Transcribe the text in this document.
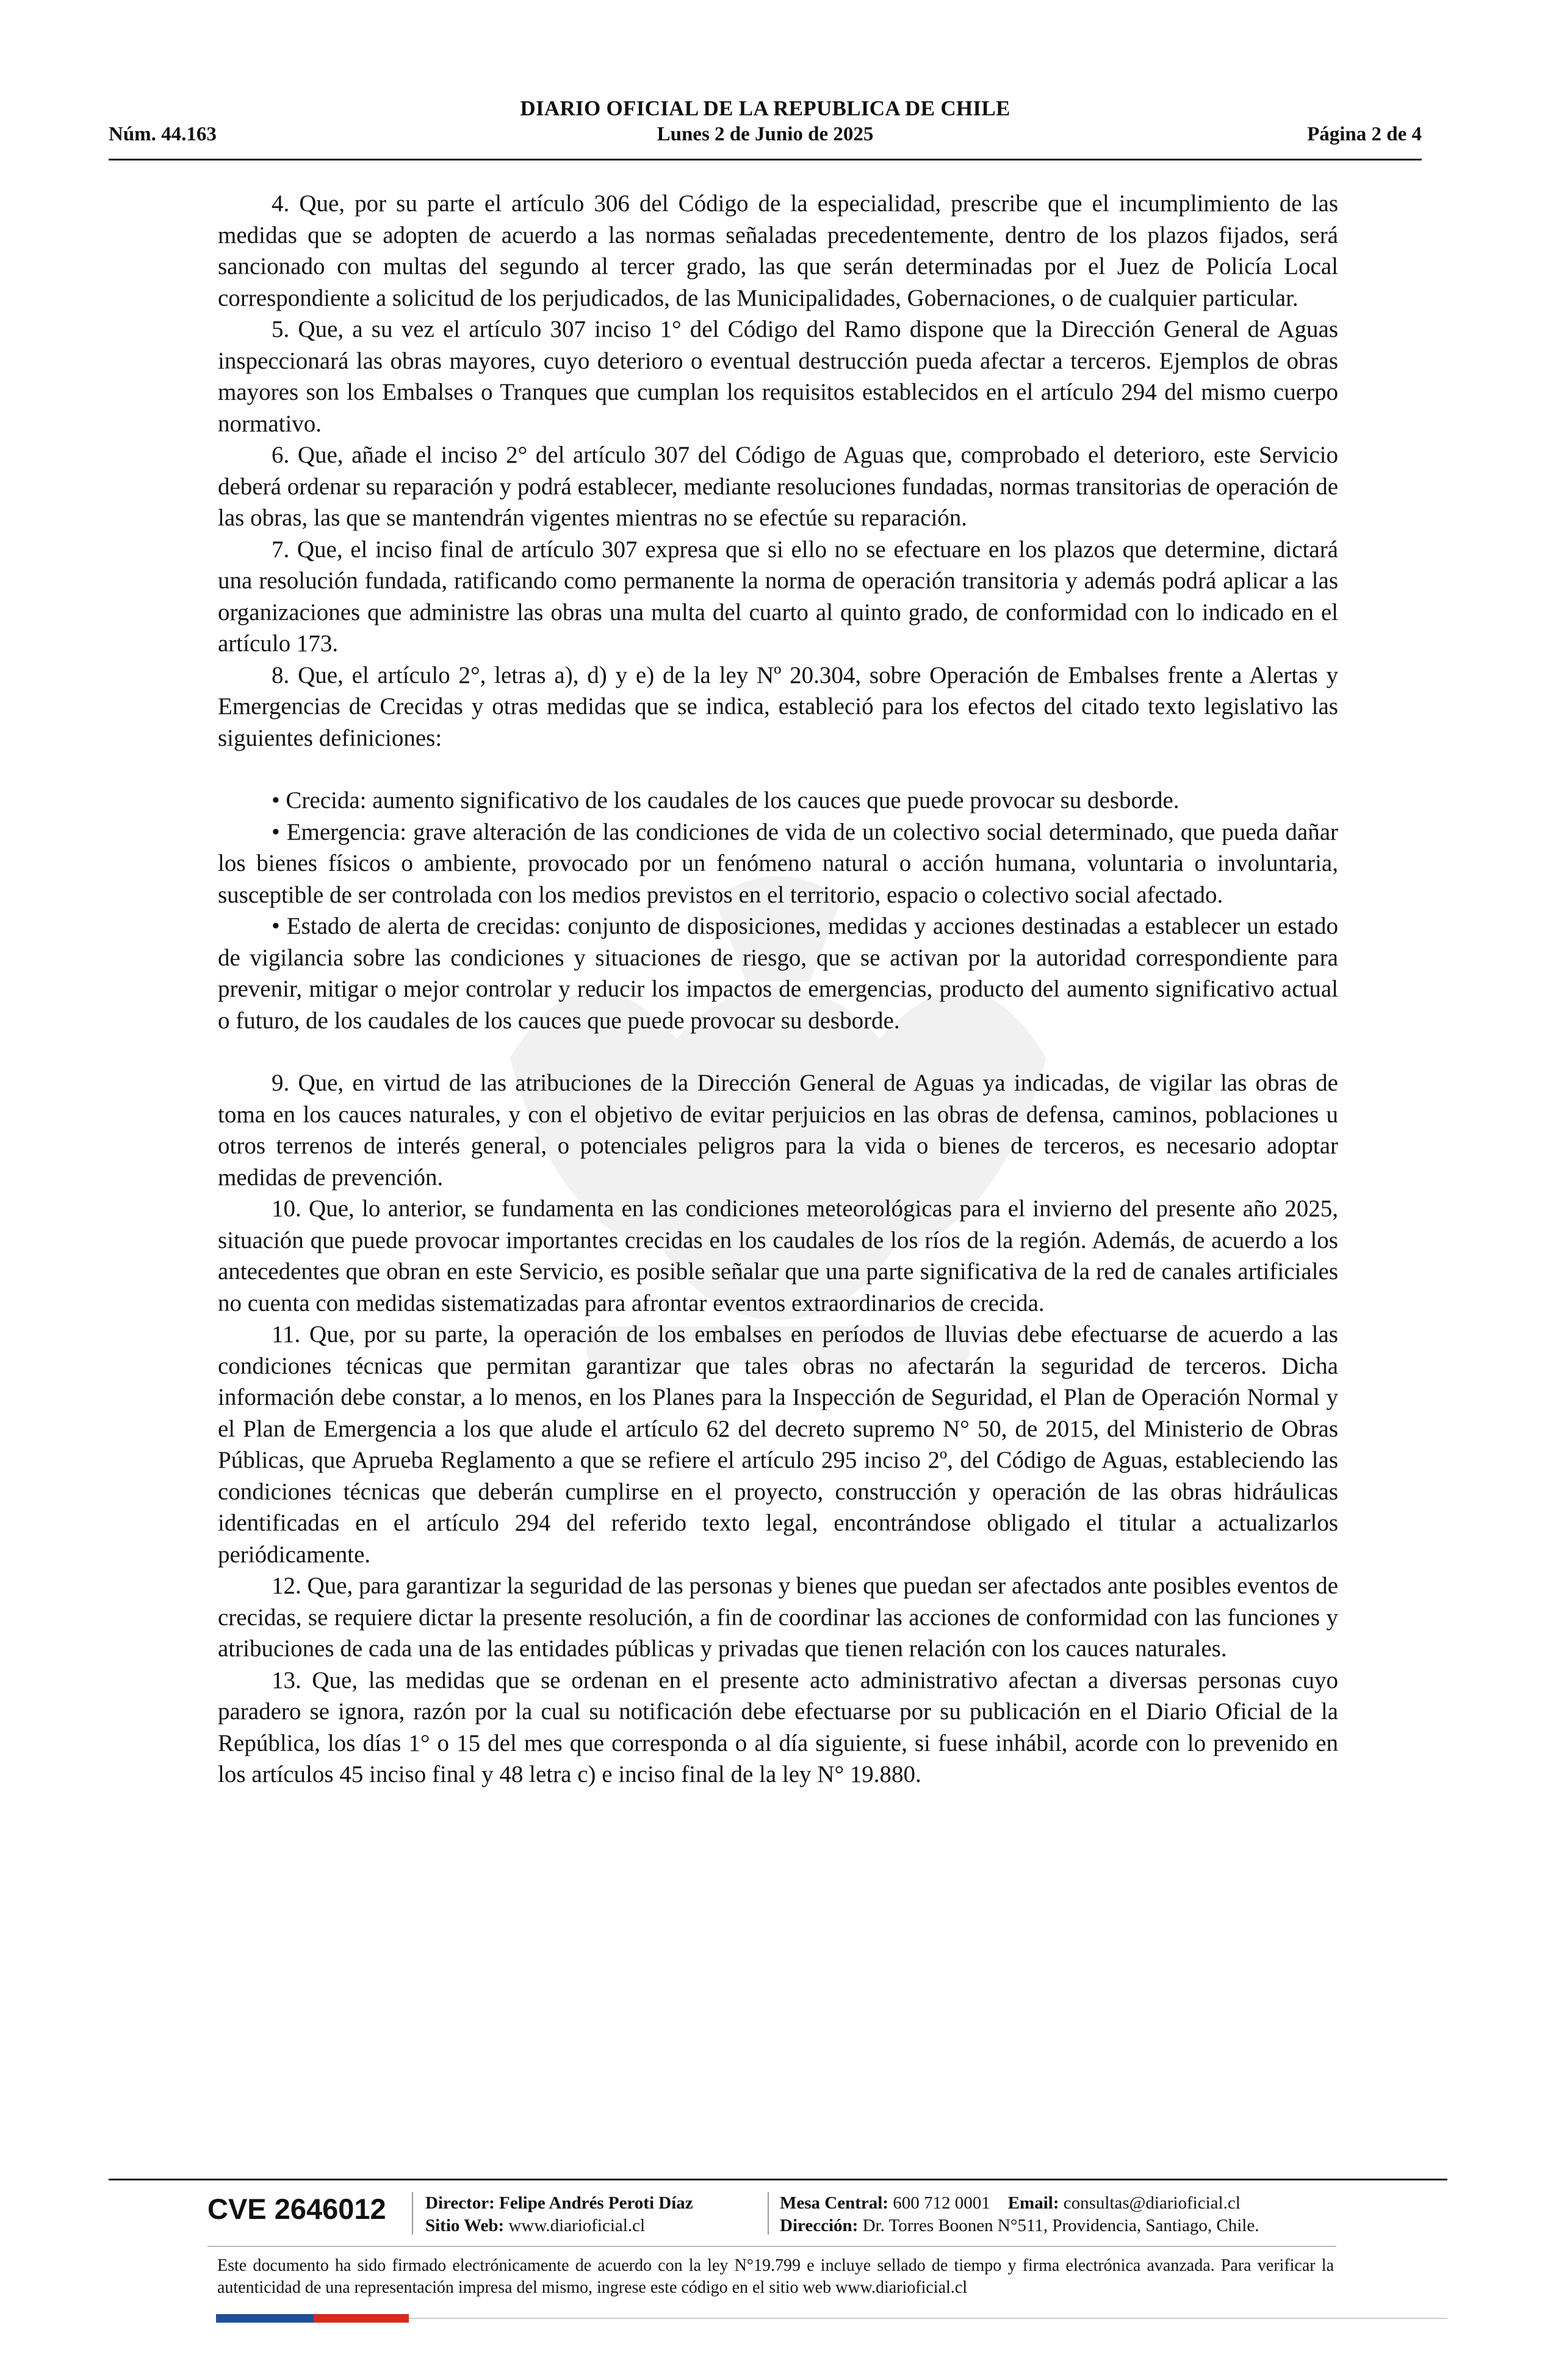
DIARIO OFICIAL DE LA REPUBLICA DE CHILE
Núm. 44.163	Lunes 2 de Junio de 2025	Página 2 de 4

4. Que, por su parte el artículo 306 del Código de la especialidad, prescribe que el incumplimiento de las medidas que se adopten de acuerdo a las normas señaladas precedentemente, dentro de los plazos fijados, será sancionado con multas del segundo al tercer grado, las que serán determinadas por el Juez de Policía Local correspondiente a solicitud de los perjudicados, de las Municipalidades, Gobernaciones, o de cualquier particular.

5. Que, a su vez el artículo 307 inciso 1° del Código del Ramo dispone que la Dirección General de Aguas inspeccionará las obras mayores, cuyo deterioro o eventual destrucción pueda afectar a terceros. Ejemplos de obras mayores son los Embalses o Tranques que cumplan los requisitos establecidos en el artículo 294 del mismo cuerpo normativo.

6. Que, añade el inciso 2° del artículo 307 del Código de Aguas que, comprobado el deterioro, este Servicio deberá ordenar su reparación y podrá establecer, mediante resoluciones fundadas, normas transitorias de operación de las obras, las que se mantendrán vigentes mientras no se efectúe su reparación.

7. Que, el inciso final de artículo 307 expresa que si ello no se efectuare en los plazos que determine, dictará una resolución fundada, ratificando como permanente la norma de operación transitoria y además podrá aplicar a las organizaciones que administre las obras una multa del cuarto al quinto grado, de conformidad con lo indicado en el artículo 173.

8. Que, el artículo 2°, letras a), d) y e) de la ley Nº 20.304, sobre Operación de Embalses frente a Alertas y Emergencias de Crecidas y otras medidas que se indica, estableció para los efectos del citado texto legislativo las siguientes definiciones:

• Crecida: aumento significativo de los caudales de los cauces que puede provocar su desborde.

• Emergencia: grave alteración de las condiciones de vida de un colectivo social determinado, que pueda dañar los bienes físicos o ambiente, provocado por un fenómeno natural o acción humana, voluntaria o involuntaria, susceptible de ser controlada con los medios previstos en el territorio, espacio o colectivo social afectado.

• Estado de alerta de crecidas: conjunto de disposiciones, medidas y acciones destinadas a establecer un estado de vigilancia sobre las condiciones y situaciones de riesgo, que se activan por la autoridad correspondiente para prevenir, mitigar o mejor controlar y reducir los impactos de emergencias, producto del aumento significativo actual o futuro, de los caudales de los cauces que puede provocar su desborde.

9. Que, en virtud de las atribuciones de la Dirección General de Aguas ya indicadas, de vigilar las obras de toma en los cauces naturales, y con el objetivo de evitar perjuicios en las obras de defensa, caminos, poblaciones u otros terrenos de interés general, o potenciales peligros para la vida o bienes de terceros, es necesario adoptar medidas de prevención.

10. Que, lo anterior, se fundamenta en las condiciones meteorológicas para el invierno del presente año 2025, situación que puede provocar importantes crecidas en los caudales de los ríos de la región. Además, de acuerdo a los antecedentes que obran en este Servicio, es posible señalar que una parte significativa de la red de canales artificiales no cuenta con medidas sistematizadas para afrontar eventos extraordinarios de crecida.

11. Que, por su parte, la operación de los embalses en períodos de lluvias debe efectuarse de acuerdo a las condiciones técnicas que permitan garantizar que tales obras no afectarán la seguridad de terceros. Dicha información debe constar, a lo menos, en los Planes para la Inspección de Seguridad, el Plan de Operación Normal y el Plan de Emergencia a los que alude el artículo 62 del decreto supremo N° 50, de 2015, del Ministerio de Obras Públicas, que Aprueba Reglamento a que se refiere el artículo 295 inciso 2º, del Código de Aguas, estableciendo las condiciones técnicas que deberán cumplirse en el proyecto, construcción y operación de las obras hidráulicas identificadas en el artículo 294 del referido texto legal, encontrándose obligado el titular a actualizarlos periódicamente.

12. Que, para garantizar la seguridad de las personas y bienes que puedan ser afectados ante posibles eventos de crecidas, se requiere dictar la presente resolución, a fin de coordinar las acciones de conformidad con las funciones y atribuciones de cada una de las entidades públicas y privadas que tienen relación con los cauces naturales.

13. Que, las medidas que se ordenan en el presente acto administrativo afectan a diversas personas cuyo paradero se ignora, razón por la cual su notificación debe efectuarse por su publicación en el Diario Oficial de la República, los días 1° o 15 del mes que corresponda o al día siguiente, si fuese inhábil, acorde con lo prevenido en los artículos 45 inciso final y 48 letra c) e inciso final de la ley N° 19.880.

CVE 2646012 Director: Felipe Andrés Peroti Díaz
Sitio Web: www.diarioficial.cl
Mesa Central: 600 712 0001 Email: consultas@diarioficial.cl
Dirección: Dr. Torres Boonen N°511, Providencia, Santiago, Chile.
Este documento ha sido firmado electrónicamente de acuerdo con la ley N°19.799 e incluye sellado de tiempo y firma electrónica avanzada. Para verificar la autenticidad de una representación impresa del mismo, ingrese este código en el sitio web www.diarioficial.cl
